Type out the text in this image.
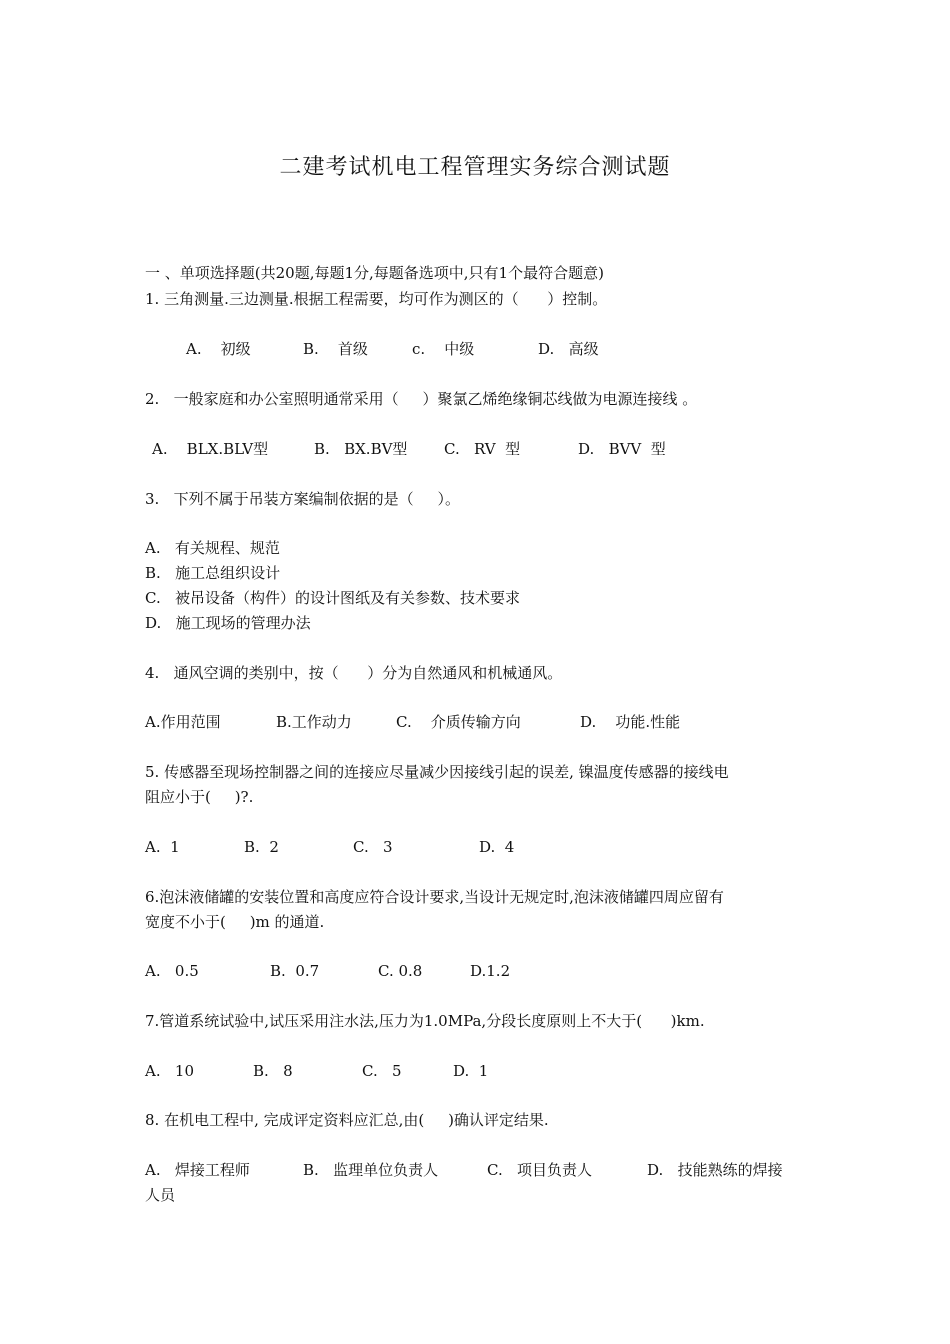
二建考试机电工程管理实务综合测试题
一 、单项选择题(共20题,每题1分,每题备选项中,只有1个最符合题意)
1. 三角测量.三边测量.根据工程需要，均可作为测区的（      ）控制。
A.    初级	B.    首级	c.    中级	D.   高级
2.   一般家庭和办公室照明通常采用（     ）聚氯乙烯绝缘铜芯线做为电源连接线 。
A.    BLX.BLV型	B.   BX.BV型 C.   RV  型	D.   BVV  型
3.   下列不属于吊装方案编制依据的是（     ）。
A.   有关规程、规范
B.   施工总组织设计
C.   被吊设备（构件）的设计图纸及有关参数、技术要求
D.   施工现场的管理办法
4.   通风空调的类别中，按（      ）分为自然通风和机械通风。
A.作用范围	B.工作动力	C.    介质传输方向	D.    功能.性能
5. 传感器至现场控制器之间的连接应尽量减少因接线引起的误差, 镍温度传感器的接线电
阻应小于(     )?.
A.  1	B.  2	C.   3	D.  4
6.泡沫液储罐的安装位置和高度应符合设计要求,当设计无规定时,泡沫液储罐四周应留有
宽度不小于(     )m 的通道.
A.   0.5	B.  0.7	C. 0.8	D.1.2
7.管道系统试验中,试压采用注水法,压力为1.0MPa,分段长度原则上不大于(      )km.
A.   10	B.   8	C.   5	D.  1
8. 在机电工程中, 完成评定资料应汇总,由(     )确认评定结果.
A.   焊接工程师	B.   监理单位负责人	C.   项目负责人	D.   技能熟练的焊接
人员
